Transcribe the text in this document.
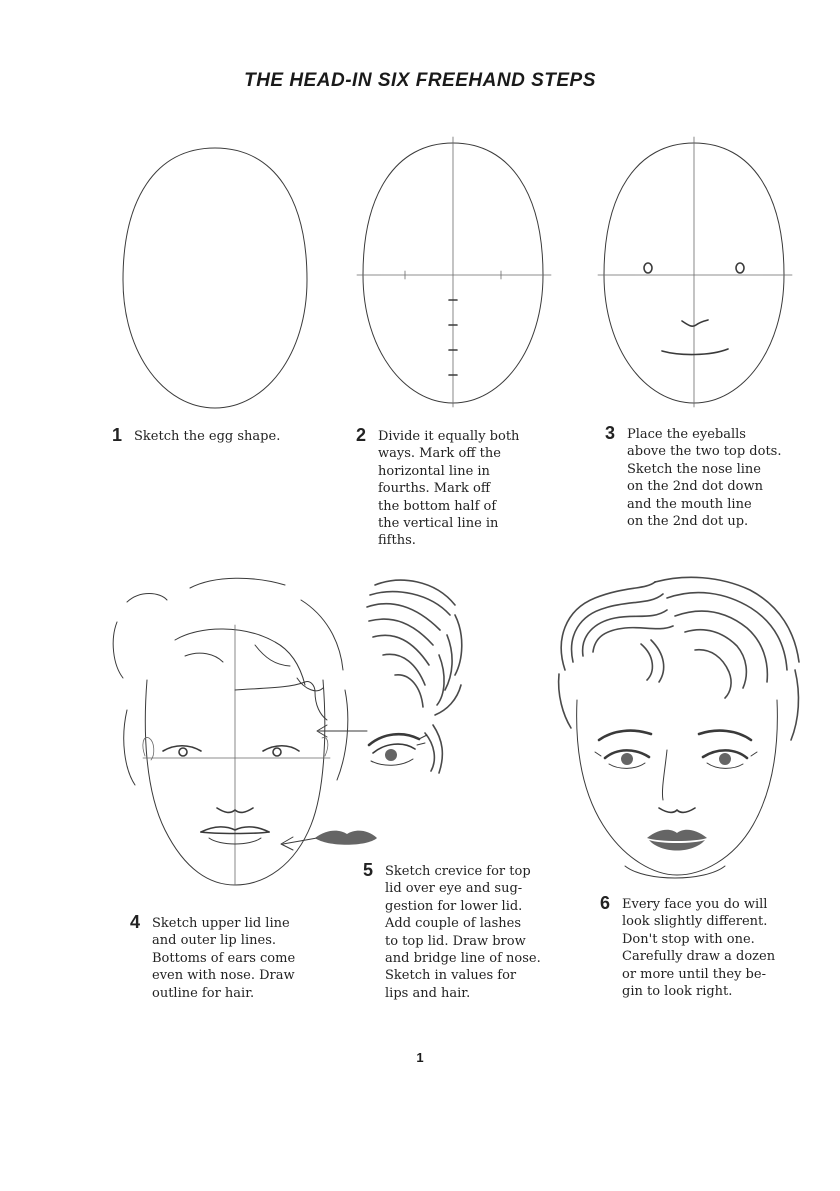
THE HEAD-IN SIX FREEHAND STEPS
1 Sketch the egg shape.	2 Divide it equally both
ways. Mark off the
horizontal line in
fourths. Mark off
the bottom half of
the vertical line in
fifths.
3 Place the eyeballs
above the two top dots.
Sketch the nose line
on the 2nd dot down
and the mouth line
on the 2nd dot up.
4 Sketch upper lid line
and outer lip lines.
Bottoms of ears come
even with nose. Draw
outline for hair.
5 Sketch crevice for top
lid over eye and sug-
gestion for lower lid.
Add couple of lashes
to top lid. Draw brow
and bridge line of nose.
Sketch in values for
lips and hair.
6 Every face you do will
look slightly different.
Don't stop with one.
Carefully draw a dozen
or more until they be-
gin to look right.
1
